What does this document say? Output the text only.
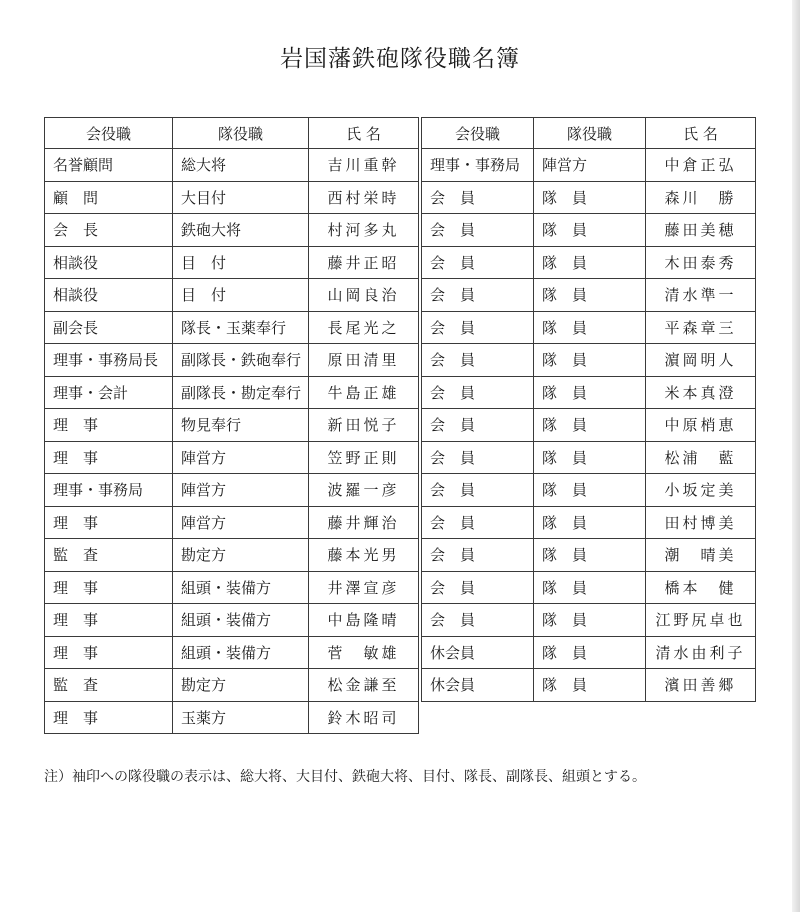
岩国藩鉄砲隊役職名簿
会役職	隊役職	氏 名
名誉顧問	総大将	吉川重幹
顧　問	大目付	西村栄時
会　長	鉄砲大将	村河多丸
相談役	目　付	藤井正昭
相談役	目　付	山岡良治
副会長	隊長・玉薬奉行	長尾光之
理事・事務局長	副隊長・鉄砲奉行	原田清里
理事・会計	副隊長・勘定奉行	牛島正雄
理　事	物見奉行	新田悦子
理　事	陣営方	笠野正則
理事・事務局	陣営方	波羅一彦
理　事	陣営方	藤井輝治
監　査	勘定方	藤本光男
理　事	組頭・装備方	井澤宣彦
理　事	組頭・装備方	中島隆晴
理　事	組頭・装備方	菅　敏雄
監　査	勘定方	松金謙至
理　事	玉薬方	鈴木昭司
会役職	隊役職	氏 名
理事・事務局	陣営方	中倉正弘
会　員	隊　員	森川　勝
会　員	隊　員	藤田美穂
会　員	隊　員	木田泰秀
会　員	隊　員	清水準一
会　員	隊　員	平森章三
会　員	隊　員	濵岡明人
会　員	隊　員	米本真澄
会　員	隊　員	中原梢恵
会　員	隊　員	松浦　藍
会　員	隊　員	小坂定美
会　員	隊　員	田村博美
会　員	隊　員	潮　晴美
会　員	隊　員	橋本　健
会　員	隊　員	江野尻卓也
休会員	隊　員	清水由利子
休会員	隊　員	濱田善郷
注）袖印への隊役職の表示は、総大将、大目付、鉄砲大将、目付、隊長、副隊長、組頭とする。
